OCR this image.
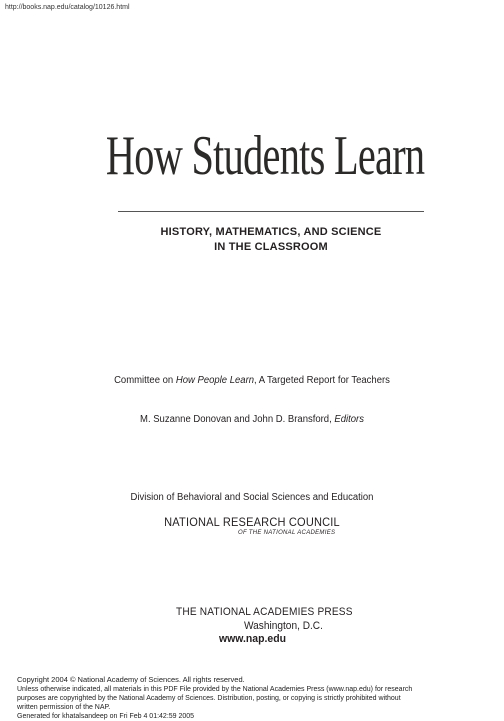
http://books.nap.edu/catalog/10126.html
How Students Learn
HISTORY, MATHEMATICS, AND SCIENCE
IN THE CLASSROOM
Committee on How People Learn, A Targeted Report for Teachers
M. Suzanne Donovan and John D. Bransford, Editors
Division of Behavioral and Social Sciences and Education
NATIONAL RESEARCH COUNCIL
OF THE NATIONAL ACADEMIES
THE NATIONAL ACADEMIES PRESS
Washington, D.C.
www.nap.edu
Copyright 2004 © National Academy of Sciences. All rights reserved.
Unless otherwise indicated, all materials in this PDF File provided by the National Academies Press (www.nap.edu) for research
purposes are copyrighted by the National Academy of Sciences. Distribution, posting, or copying is strictly prohibited without
written permission of the NAP.
Generated for khatalsandeep on Fri Feb 4 01:42:59 2005
